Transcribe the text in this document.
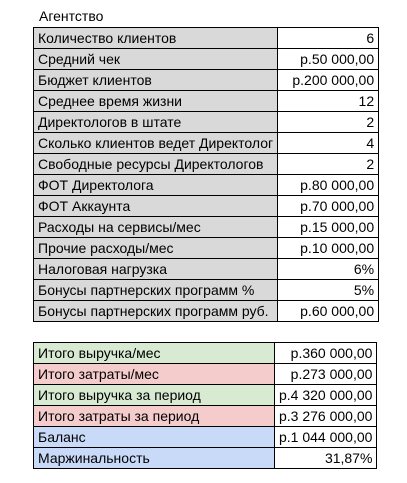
Агентство
Количество клиентов	6
Средний чек	р.50 000,00
Бюджет клиентов	р.200 000,00
Среднее время жизни	12
Директологов в штате	2
Сколько клиентов ведет Директолог	4
Свободные ресурсы Директологов	2
ФОТ Директолога	р.80 000,00
ФОТ Аккаунта	р.70 000,00
Расходы на сервисы/мес	р.15 000,00
Прочие расходы/мес	р.10 000,00
Налоговая нагрузка	6%
Бонусы партнерских программ %	5%
Бонусы партнерских программ руб.	р.60 000,00
Итого выручка/мес	р.360 000,00
Итого затраты/мес	р.273 000,00
Итого выручка за период	р.4 320 000,00
Итого затраты за период	р.3 276 000,00
Баланс	р.1 044 000,00
Маржинальность	31,87%
